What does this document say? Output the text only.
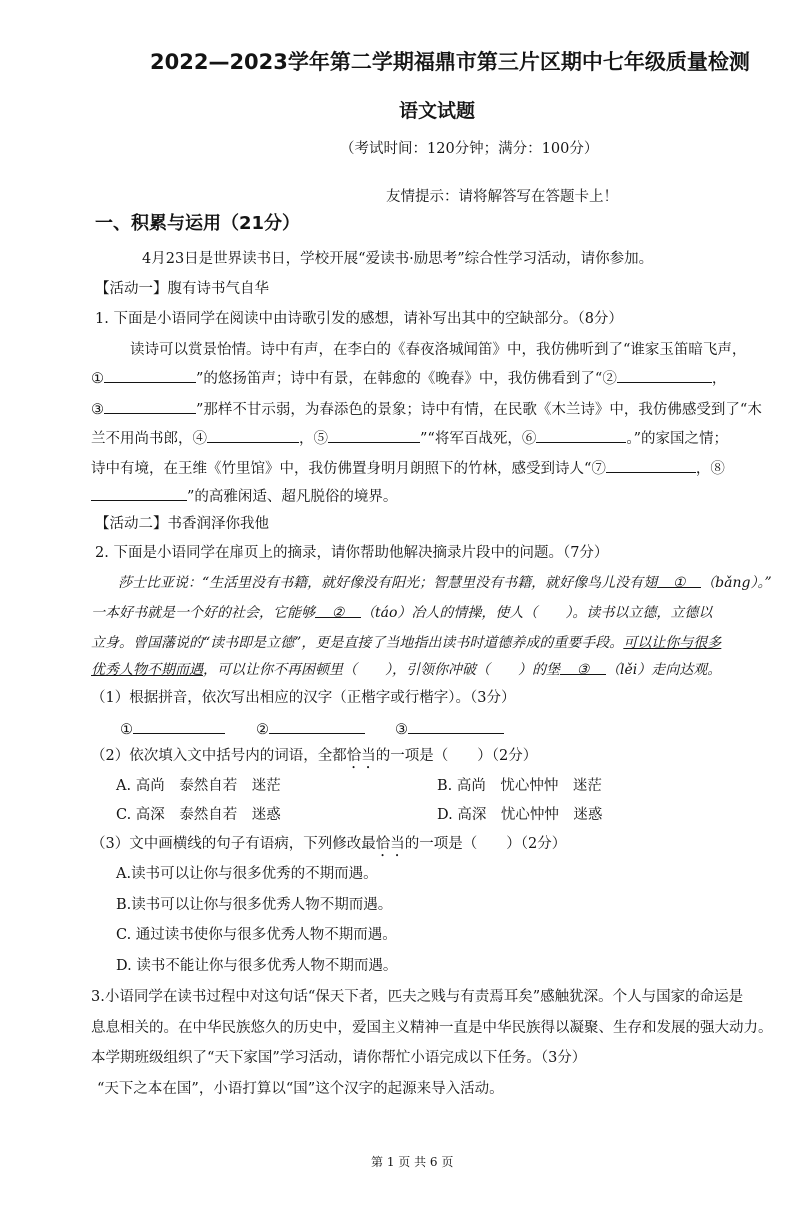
2022—2023学年第二学期福鼎市第三片区期中七年级质量检测
语文试题
（考试时间：120分钟；满分：100分）
友情提示：请将解答写在答题卡上！
一、积累与运用（21分）
4月23日是世界读书日，学校开展“爱读书·励思考”综合性学习活动，请你参加。
【活动一】腹有诗书气自华
1. 下面是小语同学在阅读中由诗歌引发的感想，请补写出其中的空缺部分。（8分）
读诗可以赏景怡情。诗中有声，在李白的《春夜洛城闻笛》中，我仿佛听到了“谁家玉笛暗飞声，
①	”的悠扬笛声；诗中有景，在韩愈的《晚春》中，我仿佛看到了“②	，
③	”那样不甘示弱，为春添色的景象；诗中有情，在民歌《木兰诗》中，我仿佛感受到了“木
兰不用尚书郎，④	，⑤	”“将军百战死，⑥	。”的家国之情；
诗中有境，在王维《竹里馆》中，我仿佛置身明月朗照下的竹林，感受到诗人“⑦	，⑧
”的高雅闲适、超凡脱俗的境界。
【活动二】书香润泽你我他
2. 下面是小语同学在扉页上的摘录，请你帮助他解决摘录片段中的问题。（7分）
莎士比亚说：“生活里没有书籍，就好像没有阳光；智慧里没有书籍，就好像鸟儿没有翅 ① （bǎng）。”
一本好书就是一个好的社会，它能够 ② （táo）冶人的情操，使人（　　）。读书以立德，立德以
立身。曾国藩说的“读书即是立德”，更是直接了当地指出读书时道德养成的重要手段。可以让你与很多
优秀人物不期而遇，可以让你不再困顿里（　　），引领你冲破（　　）的堡 ③ （lěi）走向达观。
（1）根据拼音，依次写出相应的汉字（正楷字或行楷字）。（3分）
①	②	③
（2）依次填入文中括号内的词语，全都恰当的一项是（　　）（2分）
A. 高尚　泰然自若　迷茫	B. 高尚　忧心忡忡　迷茫
C. 高深　泰然自若　迷惑	D. 高深　忧心忡忡　迷惑
（3）文中画横线的句子有语病，下列修改最恰当的一项是（　　）（2分）
A.读书可以让你与很多优秀的不期而遇。
B.读书可以让你与很多优秀人物不期而遇。
C. 通过读书使你与很多优秀人物不期而遇。
D. 读书不能让你与很多优秀人物不期而遇。
3.小语同学在读书过程中对这句话“保天下者，匹夫之贱与有责焉耳矣”感触犹深。个人与国家的命运是
息息相关的。在中华民族悠久的历史中，爱国主义精神一直是中华民族得以凝聚、生存和发展的强大动力。
本学期班级组织了“天下家国”学习活动，请你帮忙小语完成以下任务。（3分）
“天下之本在国”，小语打算以“国”这个汉字的起源来导入活动。
第 1 页 共 6 页
